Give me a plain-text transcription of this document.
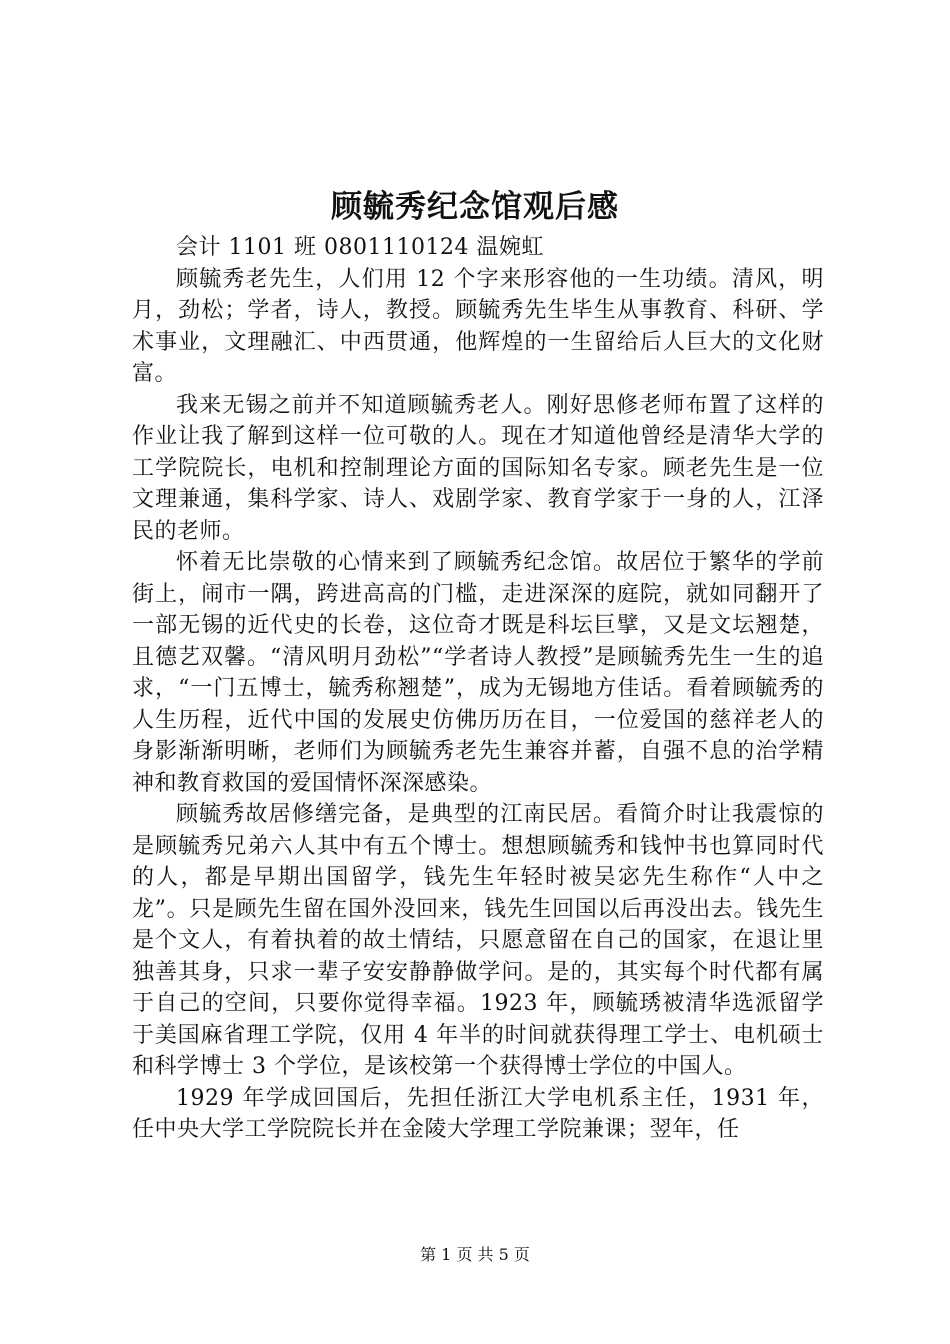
顾毓秀纪念馆观后感

会计 1101 班 0801110124 温婉虹

顾毓秀老先生，人们用 12 个字来形容他的一生功绩。清风，明月，劲松；学者，诗人，教授。顾毓秀先生毕生从事教育、科研、学术事业，文理融汇、中西贯通，他辉煌的一生留给后人巨大的文化财富。

我来无锡之前并不知道顾毓秀老人。刚好思修老师布置了这样的作业让我了解到这样一位可敬的人。现在才知道他曾经是清华大学的工学院院长，电机和控制理论方面的国际知名专家。顾老先生是一位文理兼通，集科学家、诗人、戏剧学家、教育学家于一身的人，江泽民的老师。

怀着无比崇敬的心情来到了顾毓秀纪念馆。故居位于繁华的学前街上，闹市一隅，跨进高高的门槛，走进深深的庭院，就如同翻开了一部无锡的近代史的长卷，这位奇才既是科坛巨擘，又是文坛翘楚，且德艺双馨。“清风明月劲松”“学者诗人教授”是顾毓秀先生一生的追求，“一门五博士，毓秀称翘楚”，成为无锡地方佳话。看着顾毓秀的人生历程，近代中国的发展史仿佛历历在目，一位爱国的慈祥老人的身影渐渐明晰，老师们为顾毓秀老先生兼容并蓄，自强不息的治学精神和教育救国的爱国情怀深深感染。

顾毓秀故居修缮完备，是典型的江南民居。看简介时让我震惊的是顾毓秀兄弟六人其中有五个博士。想想顾毓秀和钱忡书也算同时代的人，都是早期出国留学，钱先生年轻时被吴宓先生称作“人中之龙”。只是顾先生留在国外没回来，钱先生回国以后再没出去。钱先生是个文人，有着执着的故土情结，只愿意留在自己的国家，在退让里独善其身，只求一辈子安安静静做学问。是的，其实每个时代都有属于自己的空间，只要你觉得幸福。1923 年，顾毓琇被清华选派留学于美国麻省理工学院，仅用 4 年半的时间就获得理工学士、电机硕士和科学博士 3 个学位，是该校第一个获得博士学位的中国人。

1929 年学成回国后，先担任浙江大学电机系主任，1931 年，任中央大学工学院院长并在金陵大学理工学院兼课；翌年，任

第 1 页 共 5 页
